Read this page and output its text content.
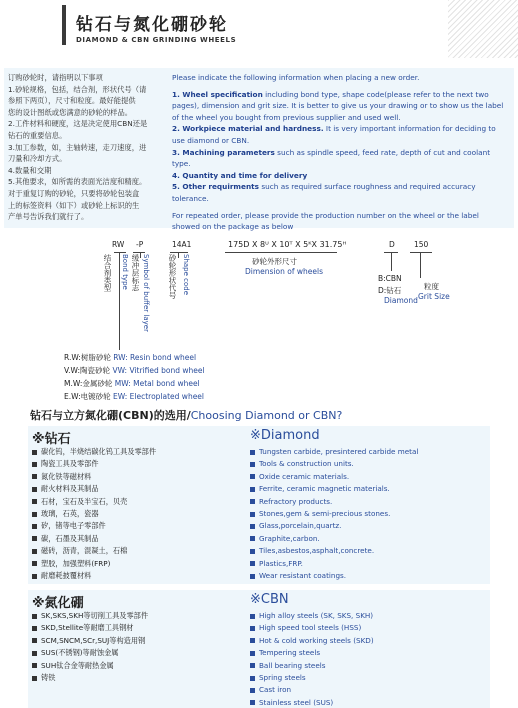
钻石与氮化硼砂轮
DIAMOND & CBN GRINDING WHEELS
订购砂轮时，请指明以下事项
1.砂轮规格，包括，结合剂，形状代号（请
参照下两页），尺寸和粒度。最好能提供
您的设计图纸或您满意的砂轮的样品。
2.工件材料和硬度，这是决定使用CBN还是
钻石的重要信息。
3.加工参数，如，主轴转速，走刀速度，进
刀量和冷却方式。
4.数量和交期
5.其他要求，如所需的表面光洁度和精度。
对于重复订购的砂轮，只要将砂轮包装盒
上的标签资料（如下）或砂轮上标识的生
产单号告诉我们就行了。
Please indicate the following information when placing a new order.
1. Wheel specification including bond type, shape code(please refer to the next two pages), dimension and grit size. It is better to give us your drawing or to show us the label of the wheel you bought from previous supplier and used well.
2. Workpiece material and hardness. It is very important information for deciding to use diamond or CBN.
3. Machining parameters such as spindle speed, feed rate, depth of cut and coolant type.
4. Quantity and time for delivery
5. Other requirments such as required surface roughness and required accuracy tolerance.
For repeated order, please provide the production number on the wheel or the label showed on the package as below
RW -P	14A1	175D X 8ᵁ X 10ᵀ X 5ᴷX 31.75ᴴ
砂轮外形尺寸
Dimension of wheels
D	150
B:CBN
D:钻石
Diamond
粒度
Grit Size
结合剂类型 Bond type 缓冲层标志 Symbol of buffer layer 砂轮形状代号 Shape code
R.W:树脂砂轮 RW: Resin bond wheel
V.W:陶瓷砂轮 VW: Vitrified bond wheel
M.W:金属砂轮 MW: Metal bond wheel
E.W:电镀砂轮 EW: Electroplated wheel
钻石与立方氮化硼(CBN)的选用/Choosing Diamond or CBN?
※钻石
碳化钨，半烧结碳化钨工具及零部件
陶瓷工具及零部件
氮化铁等磁材料
耐火材料及其制品
石材，宝石及半宝石，贝壳
玻璃，石英，瓷器
矽，锗等电子零部件
碳，石墨及其制品
磁砖，沥青，混凝土，石棉
塑胶，加强塑料(FRP)
耐磨耗披覆材料
※Diamond
Tungsten carbide, presintered carbide metal
Tools & construction units.
Oxide ceramic materials.
Ferrite, ceramic magnetic materials.
Refractory products.
Stones,gem & semi-precious stones.
Glass,porcelain,quartz.
Graphite,carbon.
Tiles,asbestos,asphalt,concrete.
Plastics,FRP.
Wear resistant coatings.
※氮化硼
SK,SKS,SKH等切削工具及零部件
SKD,Stellite等耐磨工具钢材
SCM,SNCM,SCr,SUJ等构造用钢
SUS(不锈钢)等耐蚀金属
SUH钛合金等耐热金属
铸铁
※CBN
High alloy steels (SK, SKS, SKH)
High speed tool steels (HSS)
Hot & cold working steels (SKD)
Tempering steels
Ball bearing steels
Spring steels
Cast iron
Stainless steel (SUS)
